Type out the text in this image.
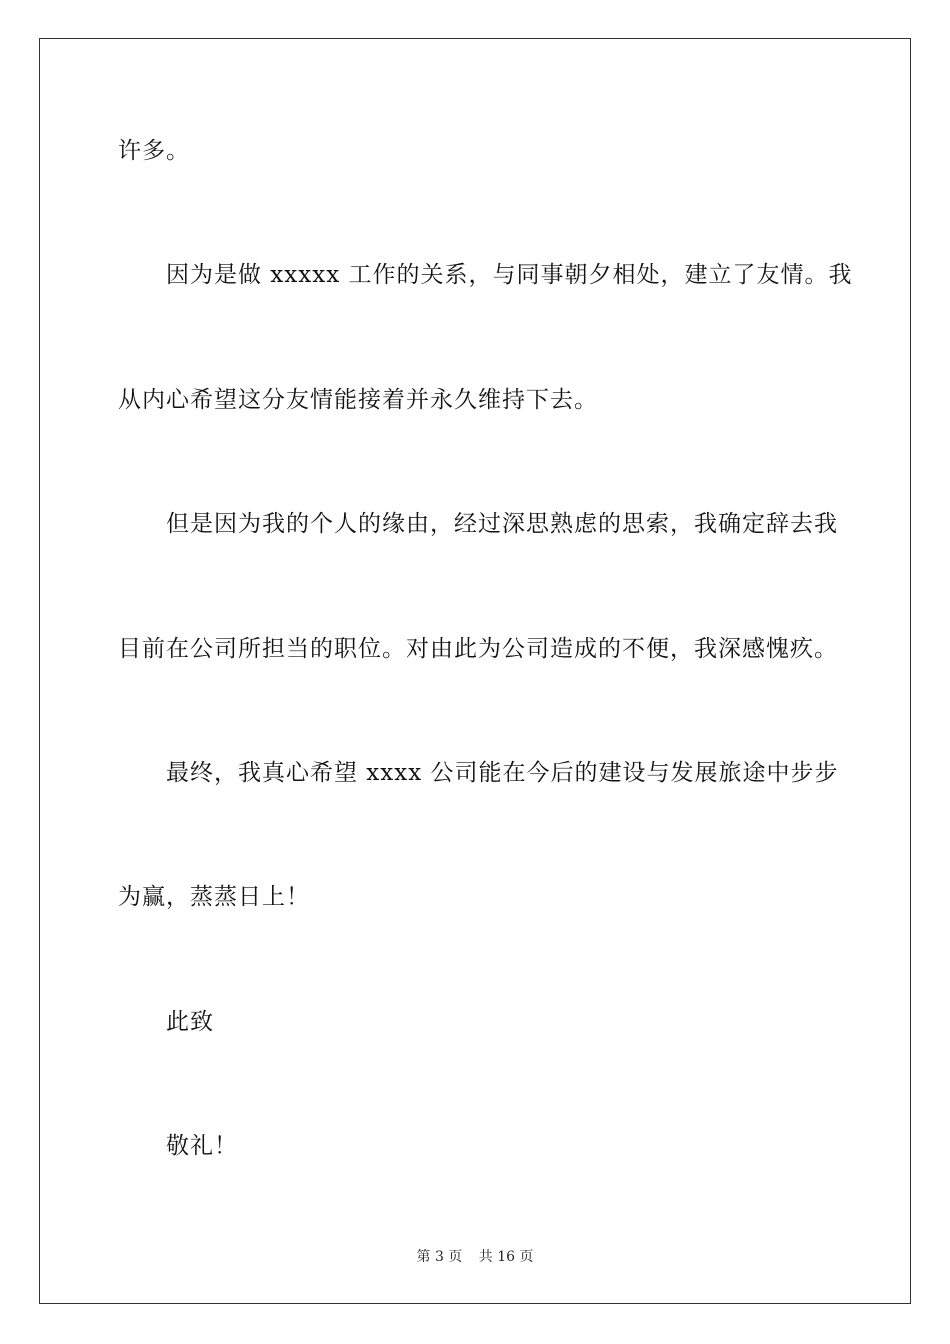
许多。
因为是做 xxxxx 工作的关系，与同事朝夕相处，建立了友情。我
从内心希望这分友情能接着并永久维持下去。
但是因为我的个人的缘由，经过深思熟虑的思索，我确定辞去我
目前在公司所担当的职位。对由此为公司造成的不便，我深感愧疚。
最终，我真心希望 xxxx 公司能在今后的建设与发展旅途中步步
为赢，蒸蒸日上！
此致
敬礼！
第 3 页 共 16 页
